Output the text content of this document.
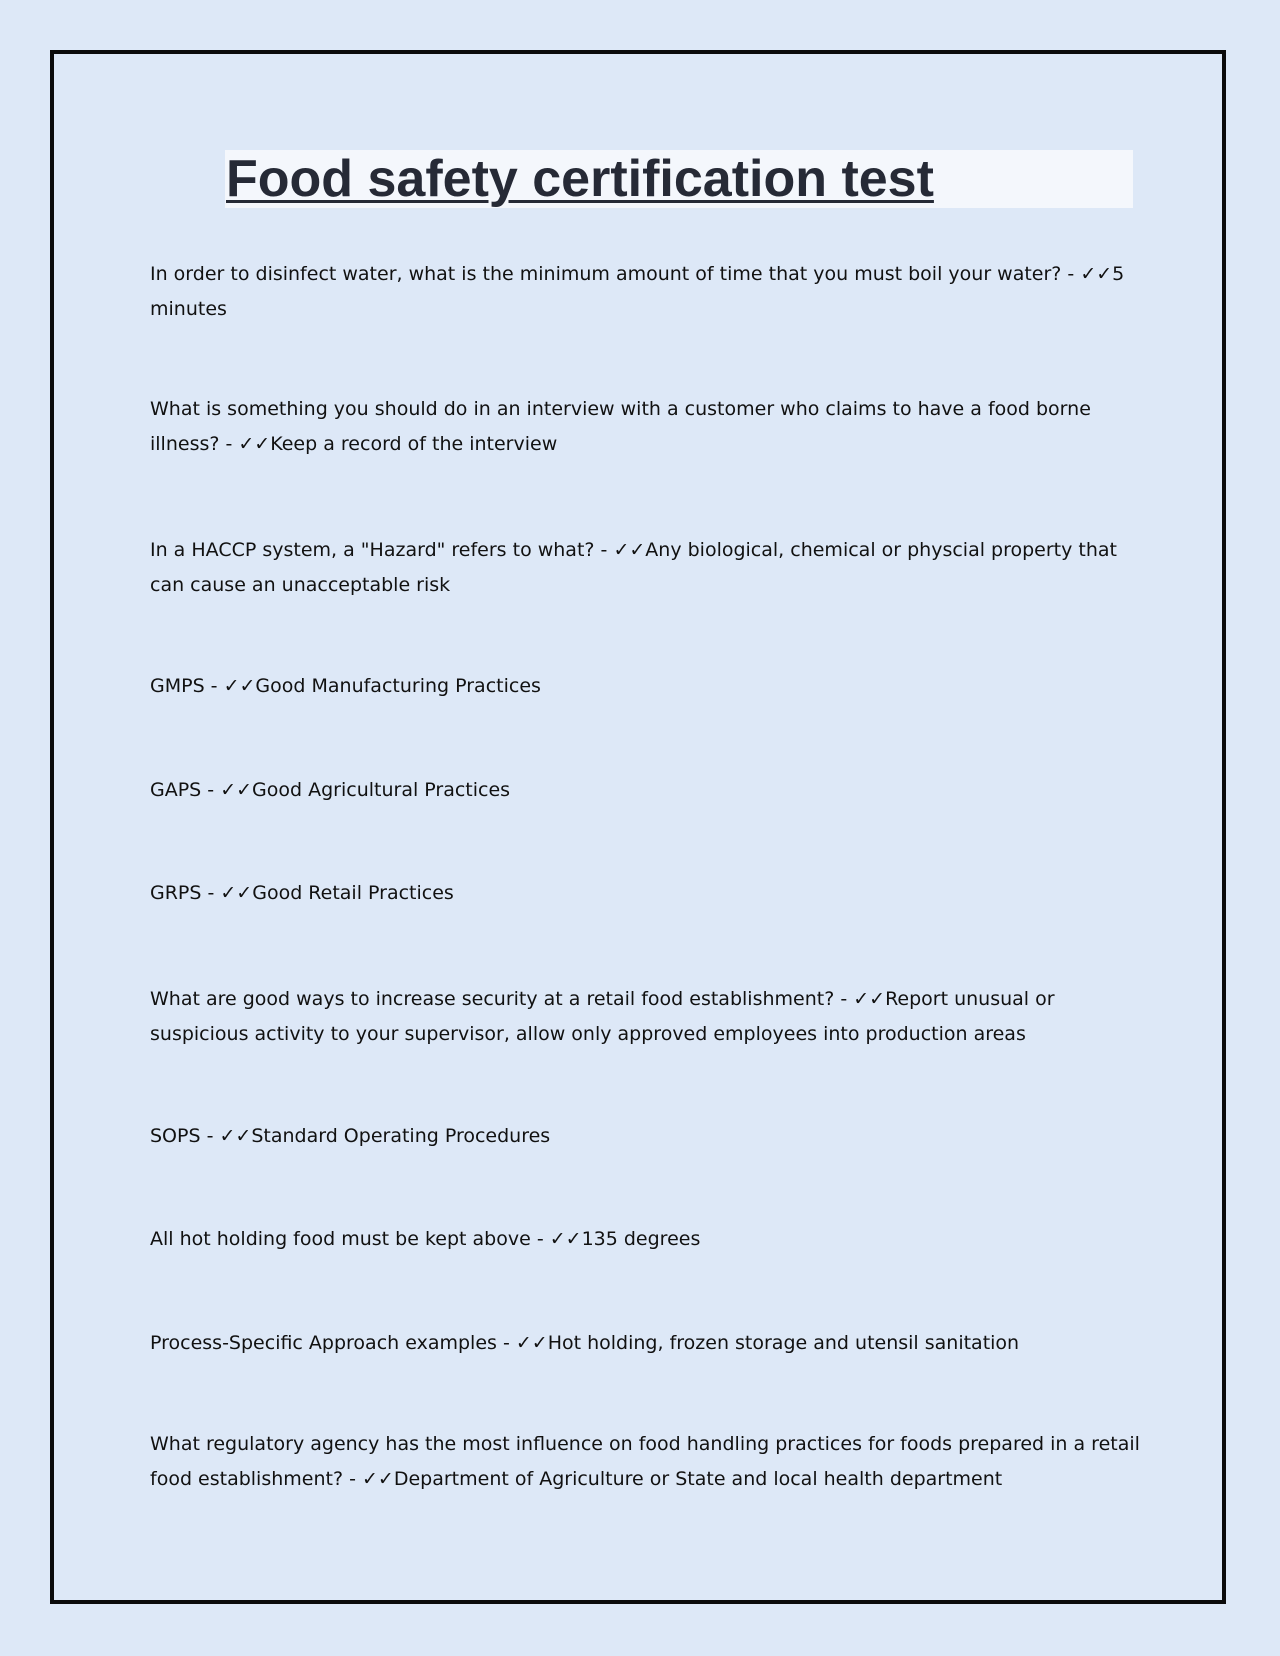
Food safety certification test

In order to disinfect water, what is the minimum amount of time that you must boil your water? - ✓✓5 minutes

What is something you should do in an interview with a customer who claims to have a food borne illness? - ✓✓Keep a record of the interview

In a HACCP system, a "Hazard" refers to what? - ✓✓Any biological, chemical or physcial property that can cause an unacceptable risk

GMPS - ✓✓Good Manufacturing Practices

GAPS - ✓✓Good Agricultural Practices

GRPS - ✓✓Good Retail Practices

What are good ways to increase security at a retail food establishment? - ✓✓Report unusual or suspicious activity to your supervisor, allow only approved employees into production areas

SOPS - ✓✓Standard Operating Procedures

All hot holding food must be kept above - ✓✓135 degrees

Process-Specific Approach examples - ✓✓Hot holding, frozen storage and utensil sanitation

What regulatory agency has the most influence on food handling practices for foods prepared in a retail food establishment? - ✓✓Department of Agriculture or State and local health department
